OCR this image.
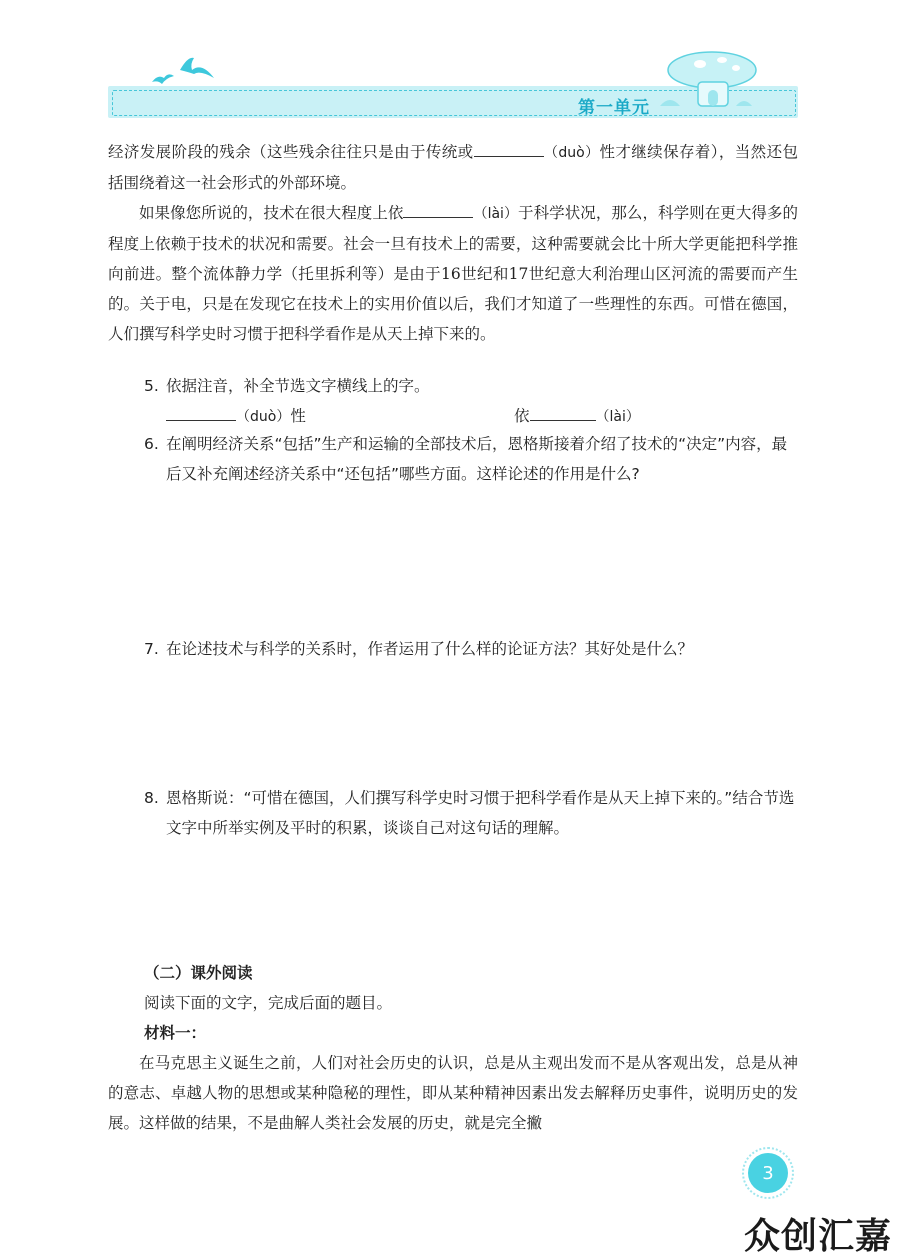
第一单元

经济发展阶段的残余（这些残余往往只是由于传统或	（duò）性才继续保存着），当然还包括围绕着这一社会形式的外部环境。

如果像您所说的，技术在很大程度上依	（lài）于科学状况，那么，科学则在更大得多的程度上依赖于技术的状况和需要。社会一旦有技术上的需要，这种需要就会比十所大学更能把科学推向前进。整个流体静力学（托里拆利等）是由于16世纪和17世纪意大利治理山区河流的需要而产生的。关于电，只是在发现它在技术上的实用价值以后，我们才知道了一些理性的东西。可惜在德国，人们撰写科学史时习惯于把科学看作是从天上掉下来的。

5. 依据注音，补全节选文字横线上的字。
（duò）性	依	（lài）
6. 在阐明经济关系“包括”生产和运输的全部技术后，恩格斯接着介绍了技术的“决定”内容，最后又补充阐述经济关系中“还包括”哪些方面。这样论述的作用是什么?
7. 在论述技术与科学的关系时，作者运用了什么样的论证方法？其好处是什么？
8. 恩格斯说：“可惜在德国，人们撰写科学史时习惯于把科学看作是从天上掉下来的。”结合节选文字中所举实例及平时的积累，谈谈自己对这句话的理解。

（二）课外阅读

阅读下面的文字，完成后面的题目。

材料一：

在马克思主义诞生之前，人们对社会历史的认识，总是从主观出发而不是从客观出发，总是从神的意志、卓越人物的思想或某种隐秘的理性，即从某种精神因素出发去解释历史事件，说明历史的发展。这样做的结果，不是曲解人类社会发展的历史，就是完全撇

3
众创汇嘉
